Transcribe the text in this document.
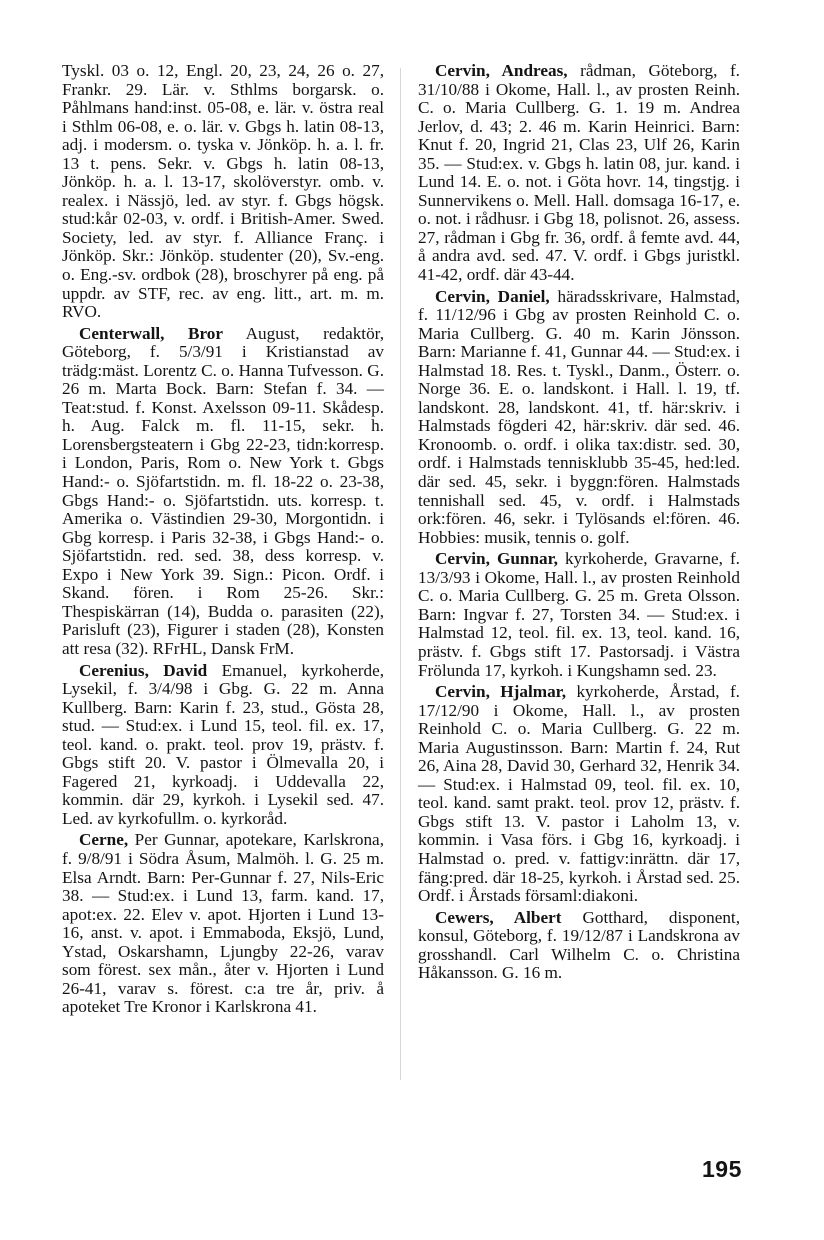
Tyskl. 03 o. 12, Engl. 20, 23, 24, 26 o. 27, Frankr. 29. Lär. v. Sthlms borgarsk. o. Påhlmans hand:inst. 05-08, e. lär. v. östra real i Sthlm 06-08, e. o. lär. v. Gbgs h. latin 08-13, adj. i modersm. o. tyska v. Jönköp. h. a. l. fr. 13 t. pens. Sekr. v. Gbgs h. latin 08-13, Jönköp. h. a. l. 13-17, skolöverstyr. omb. v. realex. i Nässjö, led. av styr. f. Gbgs högsk. stud:kår 02-03, v. ordf. i British-Amer. Swed. Society, led. av styr. f. Alliance Franç. i Jönköp. Skr.: Jönköp. studenter (20), Sv.-eng. o. Eng.-sv. ordbok (28), broschyrer på eng. på uppdr. av STF, rec. av eng. litt., art. m. m. RVO.

Centerwall, Bror August, redaktör, Göteborg, f. 5/3/91 i Kristianstad av trädg:mäst. Lorentz C. o. Hanna Tufvesson. G. 26 m. Marta Bock. Barn: Stefan f. 34. — Teat:stud. f. Konst. Axelsson 09-11. Skådesp. h. Aug. Falck m. fl. 11-15, sekr. h. Lorensbergsteatern i Gbg 22-23, tidn:korresp. i London, Paris, Rom o. New York t. Gbgs Hand:- o. Sjöfartstidn. m. fl. 18-22 o. 23-38, Gbgs Hand:- o. Sjöfartstidn. uts. korresp. t. Amerika o. Västindien 29-30, Morgontidn. i Gbg korresp. i Paris 32-38, i Gbgs Hand:- o. Sjöfartstidn. red. sed. 38, dess korresp. v. Expo i New York 39. Sign.: Picon. Ordf. i Skand. fören. i Rom 25-26. Skr.: Thespiskärran (14), Budda o. parasiten (22), Parisluft (23), Figurer i staden (28), Konsten att resa (32). RFrHL, Dansk FrM.

Cerenius, David Emanuel, kyrkoherde, Lysekil, f. 3/4/98 i Gbg. G. 22 m. Anna Kullberg. Barn: Karin f. 23, stud., Gösta 28, stud. — Stud:ex. i Lund 15, teol. fil. ex. 17, teol. kand. o. prakt. teol. prov 19, prästv. f. Gbgs stift 20. V. pastor i Ölmevalla 20, i Fagered 21, kyrkoadj. i Uddevalla 22, kommin. där 29, kyrkoh. i Lysekil sed. 47. Led. av kyrkofullm. o. kyrkoråd.

Cerne, Per Gunnar, apotekare, Karlskrona, f. 9/8/91 i Södra Åsum, Malmöh. l. G. 25 m. Elsa Arndt. Barn: Per-Gunnar f. 27, Nils-Eric 38. — Stud:ex. i Lund 13, farm. kand. 17, apot:ex. 22. Elev v. apot. Hjorten i Lund 13-16, anst. v. apot. i Emmaboda, Eksjö, Lund, Ystad, Oskarshamn, Ljungby 22-26, varav som förest. sex mån., åter v. Hjorten i Lund 26-41, varav s. förest. c:a tre år, priv. å apoteket Tre Kronor i Karlskrona 41.

Cervin, Andreas, rådman, Göteborg, f. 31/10/88 i Okome, Hall. l., av prosten Reinh. C. o. Maria Cullberg. G. 1. 19 m. Andrea Jerlov, d. 43; 2. 46 m. Karin Heinrici. Barn: Knut f. 20, Ingrid 21, Clas 23, Ulf 26, Karin 35. — Stud:ex. v. Gbgs h. latin 08, jur. kand. i Lund 14. E. o. not. i Göta hovr. 14, tingstjg. i Sunnervikens o. Mell. Hall. domsaga 16-17, e. o. not. i rådhusr. i Gbg 18, polisnot. 26, assess. 27, rådman i Gbg fr. 36, ordf. å femte avd. 44, å andra avd. sed. 47. V. ordf. i Gbgs juristkl. 41-42, ordf. där 43-44.

Cervin, Daniel, häradsskrivare, Halmstad, f. 11/12/96 i Gbg av prosten Reinhold C. o. Maria Cullberg. G. 40 m. Karin Jönsson. Barn: Marianne f. 41, Gunnar 44. — Stud:ex. i Halmstad 18. Res. t. Tyskl., Danm., Österr. o. Norge 36. E. o. landskont. i Hall. l. 19, tf. landskont. 28, landskont. 41, tf. här:skriv. i Halmstads fögderi 42, här:skriv. där sed. 46. Kronoomb. o. ordf. i olika tax:distr. sed. 30, ordf. i Halmstads tennisklubb 35-45, hed:led. där sed. 45, sekr. i byggn:fören. Halmstads tennishall sed. 45, v. ordf. i Halmstads ork:fören. 46, sekr. i Tylösands el:fören. 46. Hobbies: musik, tennis o. golf.

Cervin, Gunnar, kyrkoherde, Gravarne, f. 13/3/93 i Okome, Hall. l., av prosten Reinhold C. o. Maria Cullberg. G. 25 m. Greta Olsson. Barn: Ingvar f. 27, Torsten 34. — Stud:ex. i Halmstad 12, teol. fil. ex. 13, teol. kand. 16, prästv. f. Gbgs stift 17. Pastorsadj. i Västra Frölunda 17, kyrkoh. i Kungshamn sed. 23.

Cervin, Hjalmar, kyrkoherde, Årstad, f. 17/12/90 i Okome, Hall. l., av prosten Reinhold C. o. Maria Cullberg. G. 22 m. Maria Augustinsson. Barn: Martin f. 24, Rut 26, Aina 28, David 30, Gerhard 32, Henrik 34. — Stud:ex. i Halmstad 09, teol. fil. ex. 10, teol. kand. samt prakt. teol. prov 12, prästv. f. Gbgs stift 13. V. pastor i Laholm 13, v. kommin. i Vasa förs. i Gbg 16, kyrkoadj. i Halmstad o. pred. v. fattigv:inrättn. där 17, fäng:pred. där 18-25, kyrkoh. i Årstad sed. 25. Ordf. i Årstads församl:diakoni.

Cewers, Albert Gotthard, disponent, konsul, Göteborg, f. 19/12/87 i Landskrona av grosshandl. Carl Wilhelm C. o. Christina Håkansson. G. 16 m.

195
